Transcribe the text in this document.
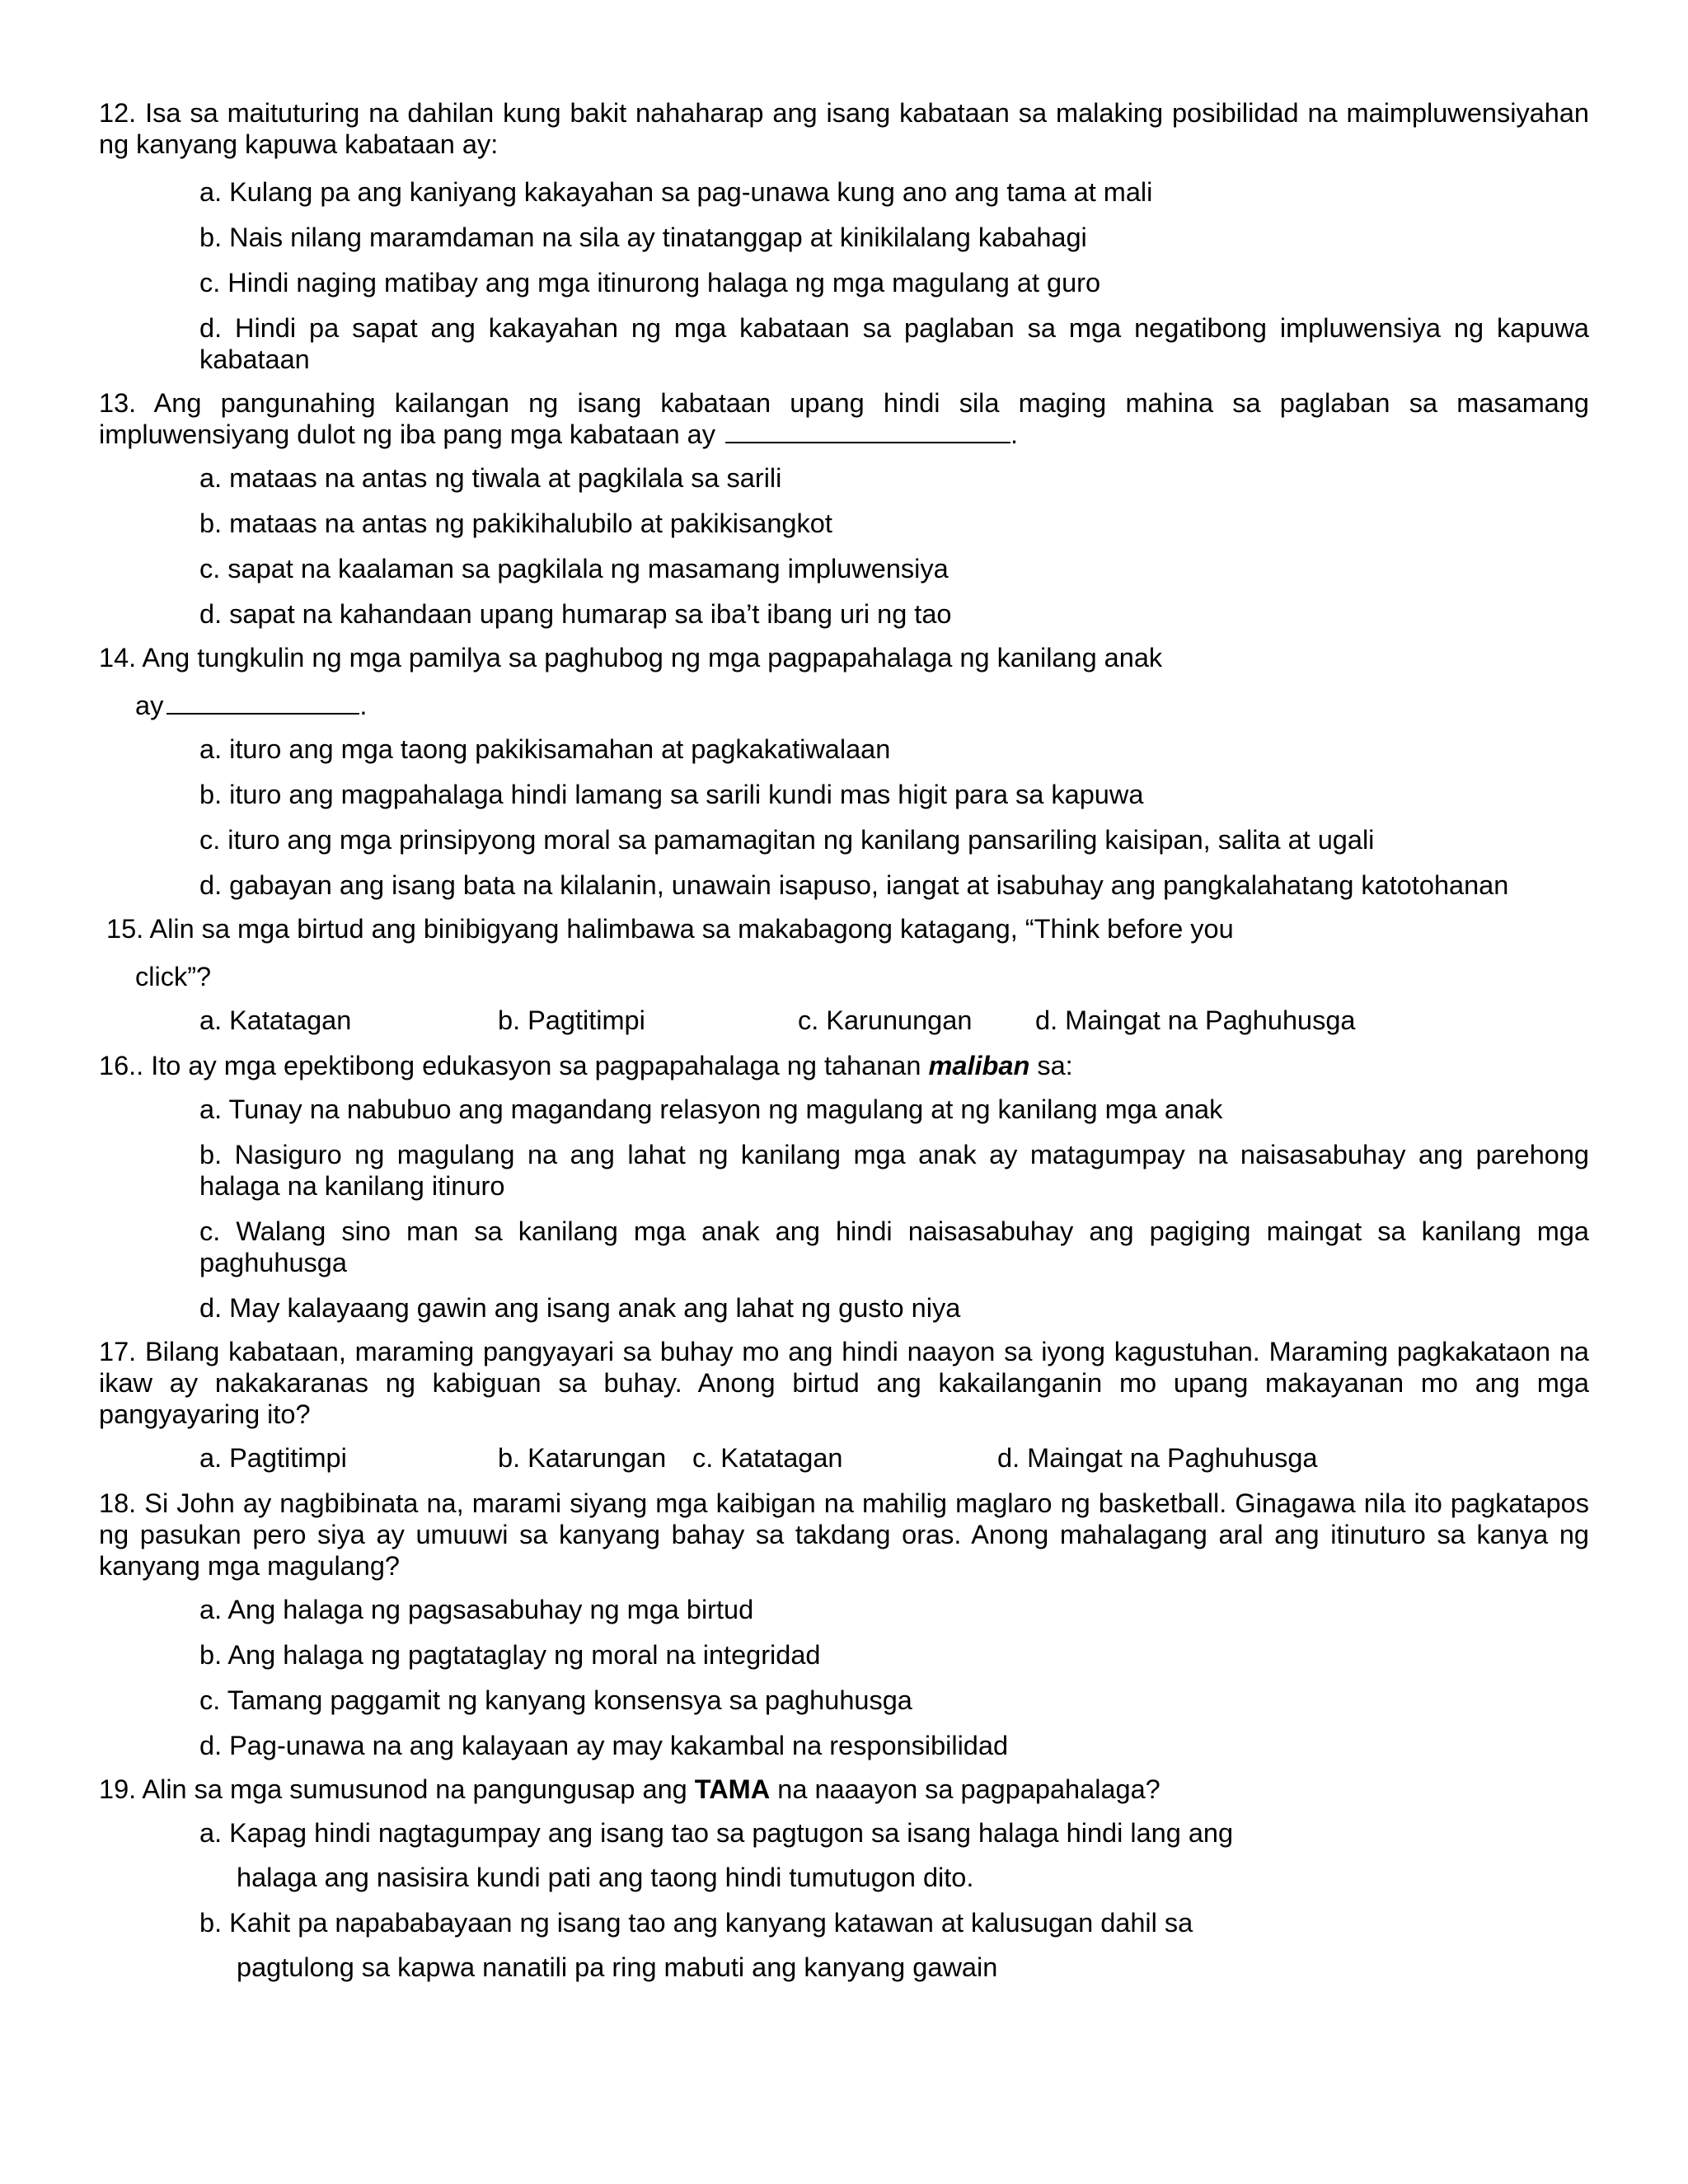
12. Isa sa maituturing na dahilan kung bakit nahaharap ang isang kabataan sa malaking posibilidad na maimpluwensiyahan ng kanyang kapuwa kabataan ay:
a. Kulang pa ang kaniyang kakayahan sa pag-unawa kung ano ang tama at mali
b. Nais nilang maramdaman na sila ay tinatanggap at kinikilalang kabahagi
c. Hindi naging matibay ang mga itinurong halaga ng mga magulang at guro
d. Hindi pa sapat ang kakayahan ng mga kabataan sa paglaban sa mga negatibong impluwensiya ng kapuwa kabataan
13. Ang pangunahing kailangan ng isang kabataan upang hindi sila maging mahina sa paglaban sa masamang impluwensiyang dulot ng iba pang mga kabataan ay	.
a. mataas na antas ng tiwala at pagkilala sa sarili
b. mataas na antas ng pakikihalubilo at pakikisangkot
c. sapat na kaalaman sa pagkilala ng masamang impluwensiya
d. sapat na kahandaan upang humarap sa iba’t ibang uri ng tao
14. Ang tungkulin ng mga pamilya sa paghubog ng mga pagpapahalaga ng kanilang anak
ay	.
a. ituro ang mga taong pakikisamahan at pagkakatiwalaan
b. ituro ang magpahalaga hindi lamang sa sarili kundi mas higit para sa kapuwa
c. ituro ang mga prinsipyong moral sa pamamagitan ng kanilang pansariling kaisipan, salita at ugali
d. gabayan ang isang bata na kilalanin, unawain isapuso, iangat at isabuhay ang pangkalahatang katotohanan
15. Alin sa mga birtud ang binibigyang halimbawa sa makabagong katagang, “Think before you
click”?
a. Katatagan	b. Pagtitimpi	c. Karunungan d. Maingat na Paghuhusga
16.. Ito ay mga epektibong edukasyon sa pagpapahalaga ng tahanan maliban sa:
a. Tunay na nabubuo ang magandang relasyon ng magulang at ng kanilang mga anak
b. Nasiguro ng magulang na ang lahat ng kanilang mga anak ay matagumpay na naisasabuhay ang parehong halaga na kanilang itinuro
c. Walang sino man sa kanilang mga anak ang hindi naisasabuhay ang pagiging maingat sa kanilang mga paghuhusga
d. May kalayaang gawin ang isang anak ang lahat ng gusto niya
17. Bilang kabataan, maraming pangyayari sa buhay mo ang hindi naayon sa iyong kagustuhan. Maraming pagkakataon na ikaw ay nakakaranas ng kabiguan sa buhay. Anong birtud ang kakailanganin mo upang makayanan mo ang mga pangyayaring ito?
a. Pagtitimpi	b. Katarungan c. Katatagan	d. Maingat na Paghuhusga
18. Si John ay nagbibinata na, marami siyang mga kaibigan na mahilig maglaro ng basketball. Ginagawa nila ito pagkatapos ng pasukan pero siya ay umuuwi sa kanyang bahay sa takdang oras. Anong mahalagang aral ang itinuturo sa kanya ng kanyang mga magulang?
a. Ang halaga ng pagsasabuhay ng mga birtud
b. Ang halaga ng pagtataglay ng moral na integridad
c. Tamang paggamit ng kanyang konsensya sa paghuhusga
d. Pag-unawa na ang kalayaan ay may kakambal na responsibilidad
19. Alin sa mga sumusunod na pangungusap ang TAMA na naaayon sa pagpapahalaga?
a. Kapag hindi nagtagumpay ang isang tao sa pagtugon sa isang halaga hindi lang ang
halaga ang nasisira kundi pati ang taong hindi tumutugon dito.
b. Kahit pa napababayaan ng isang tao ang kanyang katawan at kalusugan dahil sa
pagtulong sa kapwa nanatili pa ring mabuti ang kanyang gawain
